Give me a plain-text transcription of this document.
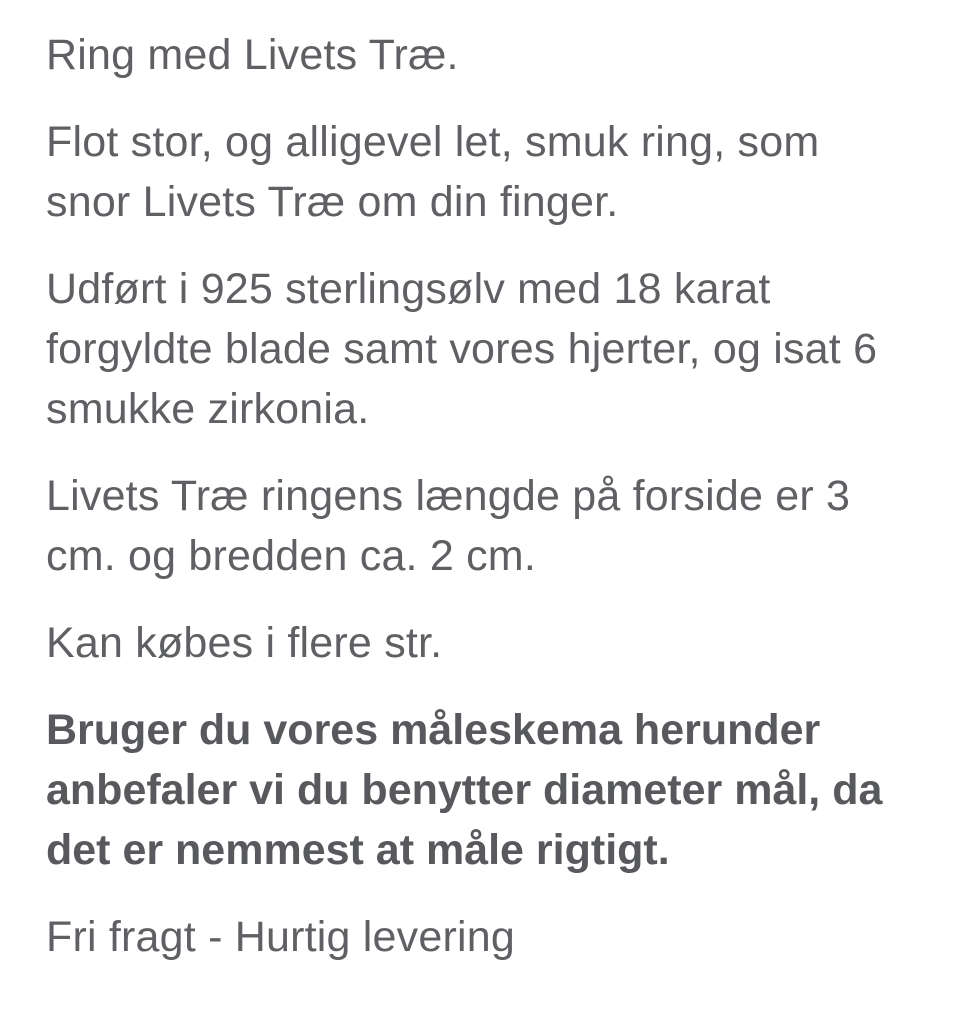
Ring med Livets Træ.

Flot stor, og alligevel let, smuk ring, som snor Livets Træ om din finger.

Udført i 925 sterlingsølv med 18 karat forgyldte blade samt vores hjerter, og isat 6 smukke zirkonia.

Livets Træ ringens længde på forside er 3 cm. og bredden ca. 2 cm.

Kan købes i flere str.

Bruger du vores måleskema herunder anbefaler vi du benytter diameter mål, da det er nemmest at måle rigtigt.

Fri fragt - Hurtig levering
